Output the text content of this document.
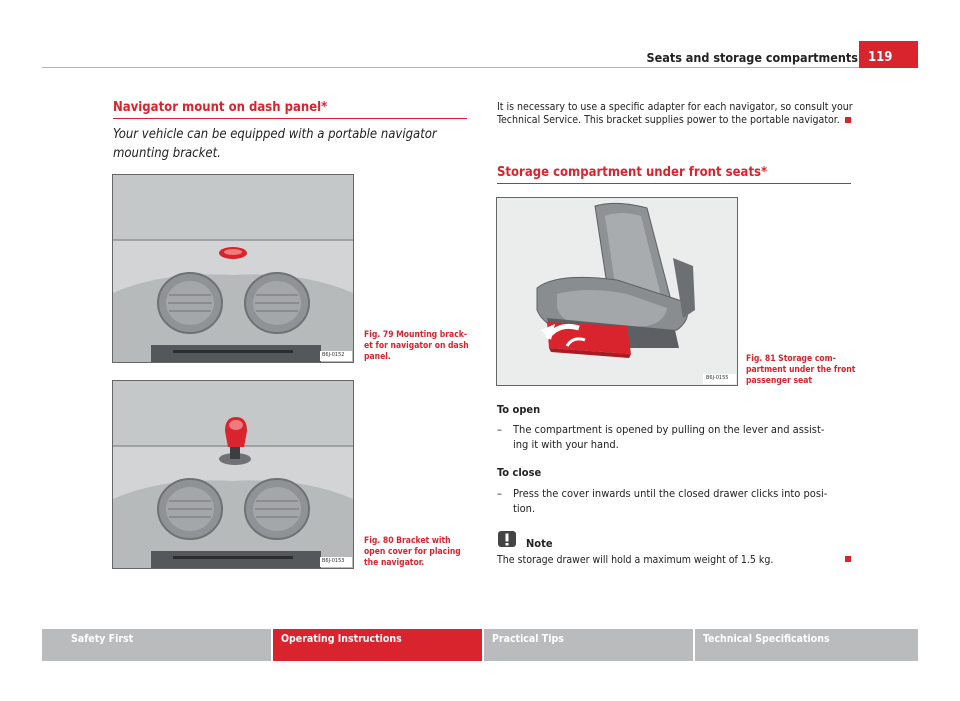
Seats and storage compartments 119
Navigator mount on dash panel*
Your vehicle can be equipped with a portable navigator mounting bracket.
B6J-0152
Fig. 79 Mounting brack-
et for navigator on dash
panel.
B6J-0153
Fig. 80 Bracket with
open cover for placing
the navigator.
It is necessary to use a specific adapter for each navigator, so consult your
Technical Service. This bracket supplies power to the portable navigator.
Storage compartment under front seats*
B6J-0155
Fig. 81 Storage com-
partment under the front
passenger seat
To open
– The compartment is opened by pulling on the lever and assist-
ing it with your hand.
To close
– Press the cover inwards until the closed drawer clicks into posi-
tion.
Note
The storage drawer will hold a maximum weight of 1.5 kg.
Safety First	Operating Instructions	Practical Tips	Technical Specifications
